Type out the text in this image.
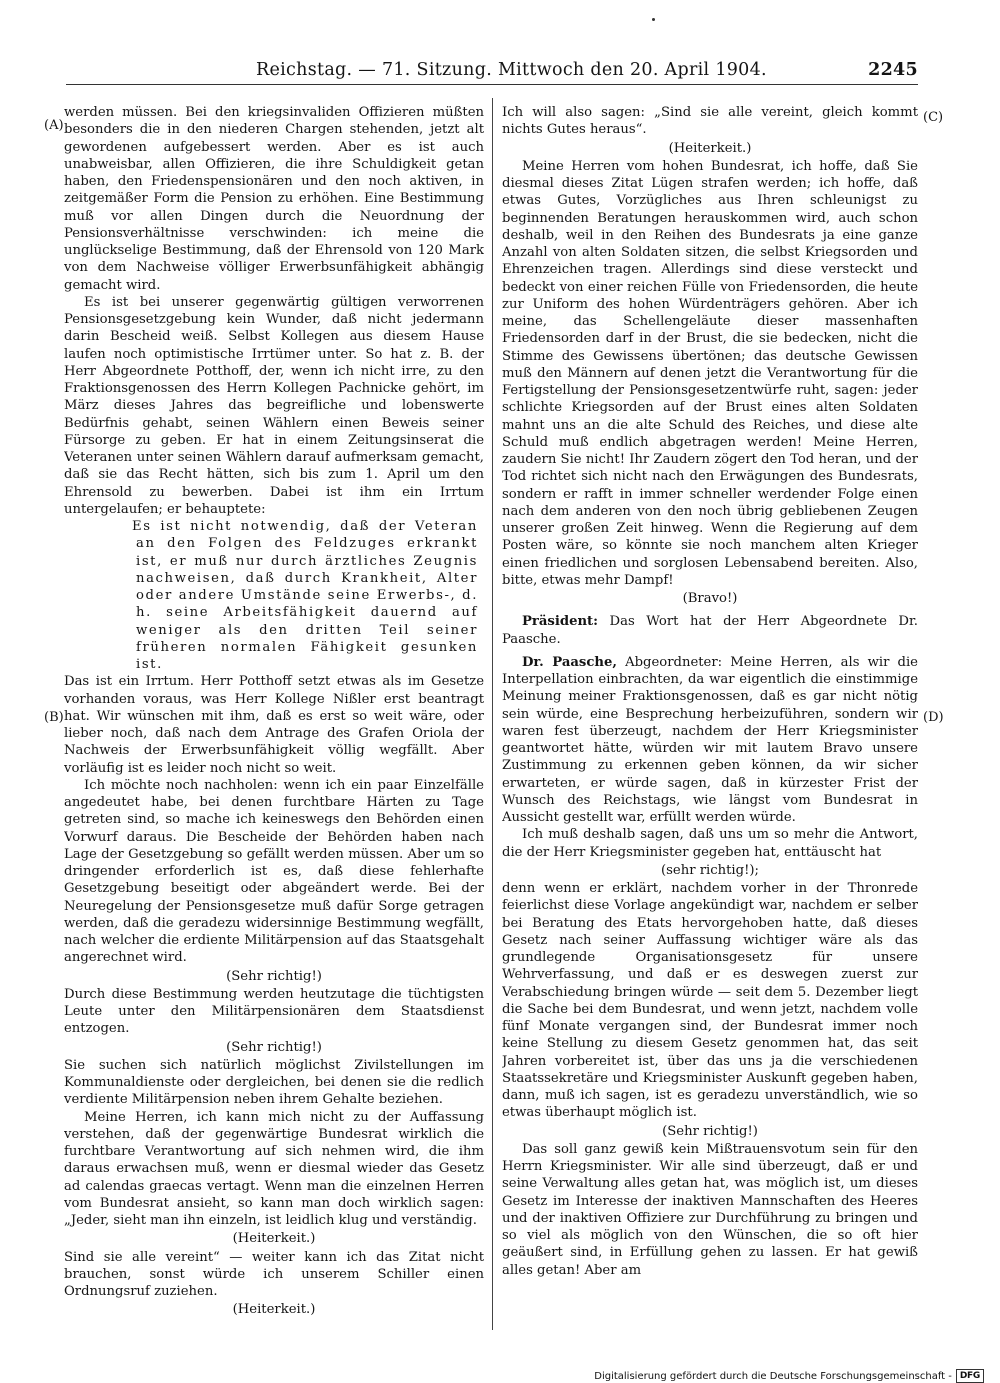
Reichstag. — 71. Sitzung. Mittwoch den 20. April 1904.	2245
(A)
(B)
(C)
(D)

werden müssen. Bei den kriegsinvaliden Offizieren müßten besonders die in den niederen Chargen stehenden, jetzt alt gewordenen aufgebessert werden. Aber es ist auch unabweisbar, allen Offizieren, die ihre Schuldigkeit getan haben, den Friedenspensionären und den noch aktiven, in zeitgemäßer Form die Pension zu erhöhen. Eine Bestimmung muß vor allen Dingen durch die Neuordnung der Pensionsverhältnisse verschwinden: ich meine die unglückselige Bestimmung, daß der Ehrensold von 120 Mark von dem Nachweise völliger Erwerbsunfähigkeit abhängig gemacht wird.

Es ist bei unserer gegenwärtig gültigen verworrenen Pensionsgesetzgebung kein Wunder, daß nicht jedermann darin Bescheid weiß. Selbst Kollegen aus diesem Hause laufen noch optimistische Irrtümer unter. So hat z. B. der Herr Abgeordnete Potthoff, der, wenn ich nicht irre, zu den Fraktionsgenossen des Herrn Kollegen Pachnicke gehört, im März dieses Jahres das begreifliche und lobenswerte Bedürfnis gehabt, seinen Wählern einen Beweis seiner Fürsorge zu geben. Er hat in einem Zeitungsinserat die Veteranen unter seinen Wählern darauf aufmerksam gemacht, daß sie das Recht hätten, sich bis zum 1. April um den Ehrensold zu bewerben. Dabei ist ihm ein Irrtum untergelaufen; er behauptete:

Es ist nicht notwendig, daß der Veteran an den Folgen des Feldzuges erkrankt ist, er muß nur durch ärztliches Zeugnis nachweisen, daß durch Krankheit, Alter oder andere Umstände seine Erwerbs-, d. h. seine Arbeitsfähigkeit dauernd auf weniger als den dritten Teil seiner früheren normalen Fähigkeit gesunken ist.

Das ist ein Irrtum. Herr Potthoff setzt etwas als im Gesetze vorhanden voraus, was Herr Kollege Nißler erst beantragt hat. Wir wünschen mit ihm, daß es erst so weit wäre, oder lieber noch, daß nach dem Antrage des Grafen Oriola der Nachweis der Erwerbsunfähigkeit völlig wegfällt. Aber vorläufig ist es leider noch nicht so weit.

Ich möchte noch nachholen: wenn ich ein paar Einzelfälle angedeutet habe, bei denen furchtbare Härten zu Tage getreten sind, so mache ich keineswegs den Behörden einen Vorwurf daraus. Die Bescheide der Behörden haben nach Lage der Gesetzgebung so gefällt werden müssen. Aber um so dringender erforderlich ist es, daß diese fehlerhafte Gesetzgebung beseitigt oder abgeändert werde. Bei der Neuregelung der Pensionsgesetze muß dafür Sorge getragen werden, daß die geradezu widersinnige Bestimmung wegfällt, nach welcher die erdiente Militärpension auf das Staatsgehalt angerechnet wird.

(Sehr richtig!)

Durch diese Bestimmung werden heutzutage die tüchtigsten Leute unter den Militärpensionären dem Staatsdienst entzogen.

(Sehr richtig!)

Sie suchen sich natürlich möglichst Zivilstellungen im Kommunaldienste oder dergleichen, bei denen sie die redlich verdiente Militärpension neben ihrem Gehalte beziehen.

Meine Herren, ich kann mich nicht zu der Auffassung verstehen, daß der gegenwärtige Bundesrat wirklich die furchtbare Verantwortung auf sich nehmen wird, die ihm daraus erwachsen muß, wenn er diesmal wieder das Gesetz ad calendas graecas vertagt. Wenn man die einzelnen Herren vom Bundesrat ansieht, so kann man doch wirklich sagen: „Jeder, sieht man ihn einzeln, ist leidlich klug und verständig.

(Heiterkeit.)

Sind sie alle vereint“ — weiter kann ich das Zitat nicht brauchen, sonst würde ich unserem Schiller einen Ordnungsruf zuziehen.

(Heiterkeit.)

Ich will also sagen: „Sind sie alle vereint, gleich kommt nichts Gutes heraus“.

(Heiterkeit.)

Meine Herren vom hohen Bundesrat, ich hoffe, daß Sie diesmal dieses Zitat Lügen strafen werden; ich hoffe, daß etwas Gutes, Vorzügliches aus Ihren schleunigst zu beginnenden Beratungen herauskommen wird, auch schon deshalb, weil in den Reihen des Bundesrats ja eine ganze Anzahl von alten Soldaten sitzen, die selbst Kriegsorden und Ehrenzeichen tragen. Allerdings sind diese versteckt und bedeckt von einer reichen Fülle von Friedensorden, die heute zur Uniform des hohen Würdenträgers gehören. Aber ich meine, das Schellengeläute dieser massenhaften Friedensorden darf in der Brust, die sie bedecken, nicht die Stimme des Gewissens übertönen; das deutsche Gewissen muß den Männern auf denen jetzt die Verantwortung für die Fertigstellung der Pensionsgesetzentwürfe ruht, sagen: jeder schlichte Kriegsorden auf der Brust eines alten Soldaten mahnt uns an die alte Schuld des Reiches, und diese alte Schuld muß endlich abgetragen werden! Meine Herren, zaudern Sie nicht! Ihr Zaudern zögert den Tod heran, und der Tod richtet sich nicht nach den Erwägungen des Bundesrats, sondern er rafft in immer schneller werdender Folge einen nach dem anderen von den noch übrig gebliebenen Zeugen unserer großen Zeit hinweg. Wenn die Regierung auf dem Posten wäre, so könnte sie noch manchem alten Krieger einen friedlichen und sorglosen Lebensabend bereiten. Also, bitte, etwas mehr Dampf!

(Bravo!)

Präsident: Das Wort hat der Herr Abgeordnete Dr. Paasche.

Dr. Paasche, Abgeordneter: Meine Herren, als wir die Interpellation einbrachten, da war eigentlich die einstimmige Meinung meiner Fraktionsgenossen, daß es gar nicht nötig sein würde, eine Besprechung herbeizuführen, sondern wir waren fest überzeugt, nachdem der Herr Kriegsminister geantwortet hätte, würden wir mit lautem Bravo unsere Zustimmung zu erkennen geben können, da wir sicher erwarteten, er würde sagen, daß in kürzester Frist der Wunsch des Reichstags, wie längst vom Bundesrat in Aussicht gestellt war, erfüllt werden würde.

Ich muß deshalb sagen, daß uns um so mehr die Antwort, die der Herr Kriegsminister gegeben hat, enttäuscht hat

(sehr richtig!);

denn wenn er erklärt, nachdem vorher in der Thronrede feierlichst diese Vorlage angekündigt war, nachdem er selber bei Beratung des Etats hervorgehoben hatte, daß dieses Gesetz nach seiner Auffassung wichtiger wäre als das grundlegende Organisationsgesetz für unsere Wehrverfassung, und daß er es deswegen zuerst zur Verabschiedung bringen würde — seit dem 5. Dezember liegt die Sache bei dem Bundesrat, und wenn jetzt, nachdem volle fünf Monate vergangen sind, der Bundesrat immer noch keine Stellung zu diesem Gesetz genommen hat, das seit Jahren vorbereitet ist, über das uns ja die verschiedenen Staatssekretäre und Kriegsminister Auskunft gegeben haben, dann, muß ich sagen, ist es geradezu unverständlich, wie so etwas überhaupt möglich ist.

(Sehr richtig!)

Das soll ganz gewiß kein Mißtrauensvotum sein für den Herrn Kriegsminister. Wir alle sind überzeugt, daß er und seine Verwaltung alles getan hat, was möglich ist, um dieses Gesetz im Interesse der inaktiven Mannschaften des Heeres und der inaktiven Offiziere zur Durchführung zu bringen und so viel als möglich von den Wünschen, die so oft hier geäußert sind, in Erfüllung gehen zu lassen. Er hat gewiß alles getan! Aber am

Digitalisierung gefördert durch die Deutsche Forschungsgemeinschaft - DFG
